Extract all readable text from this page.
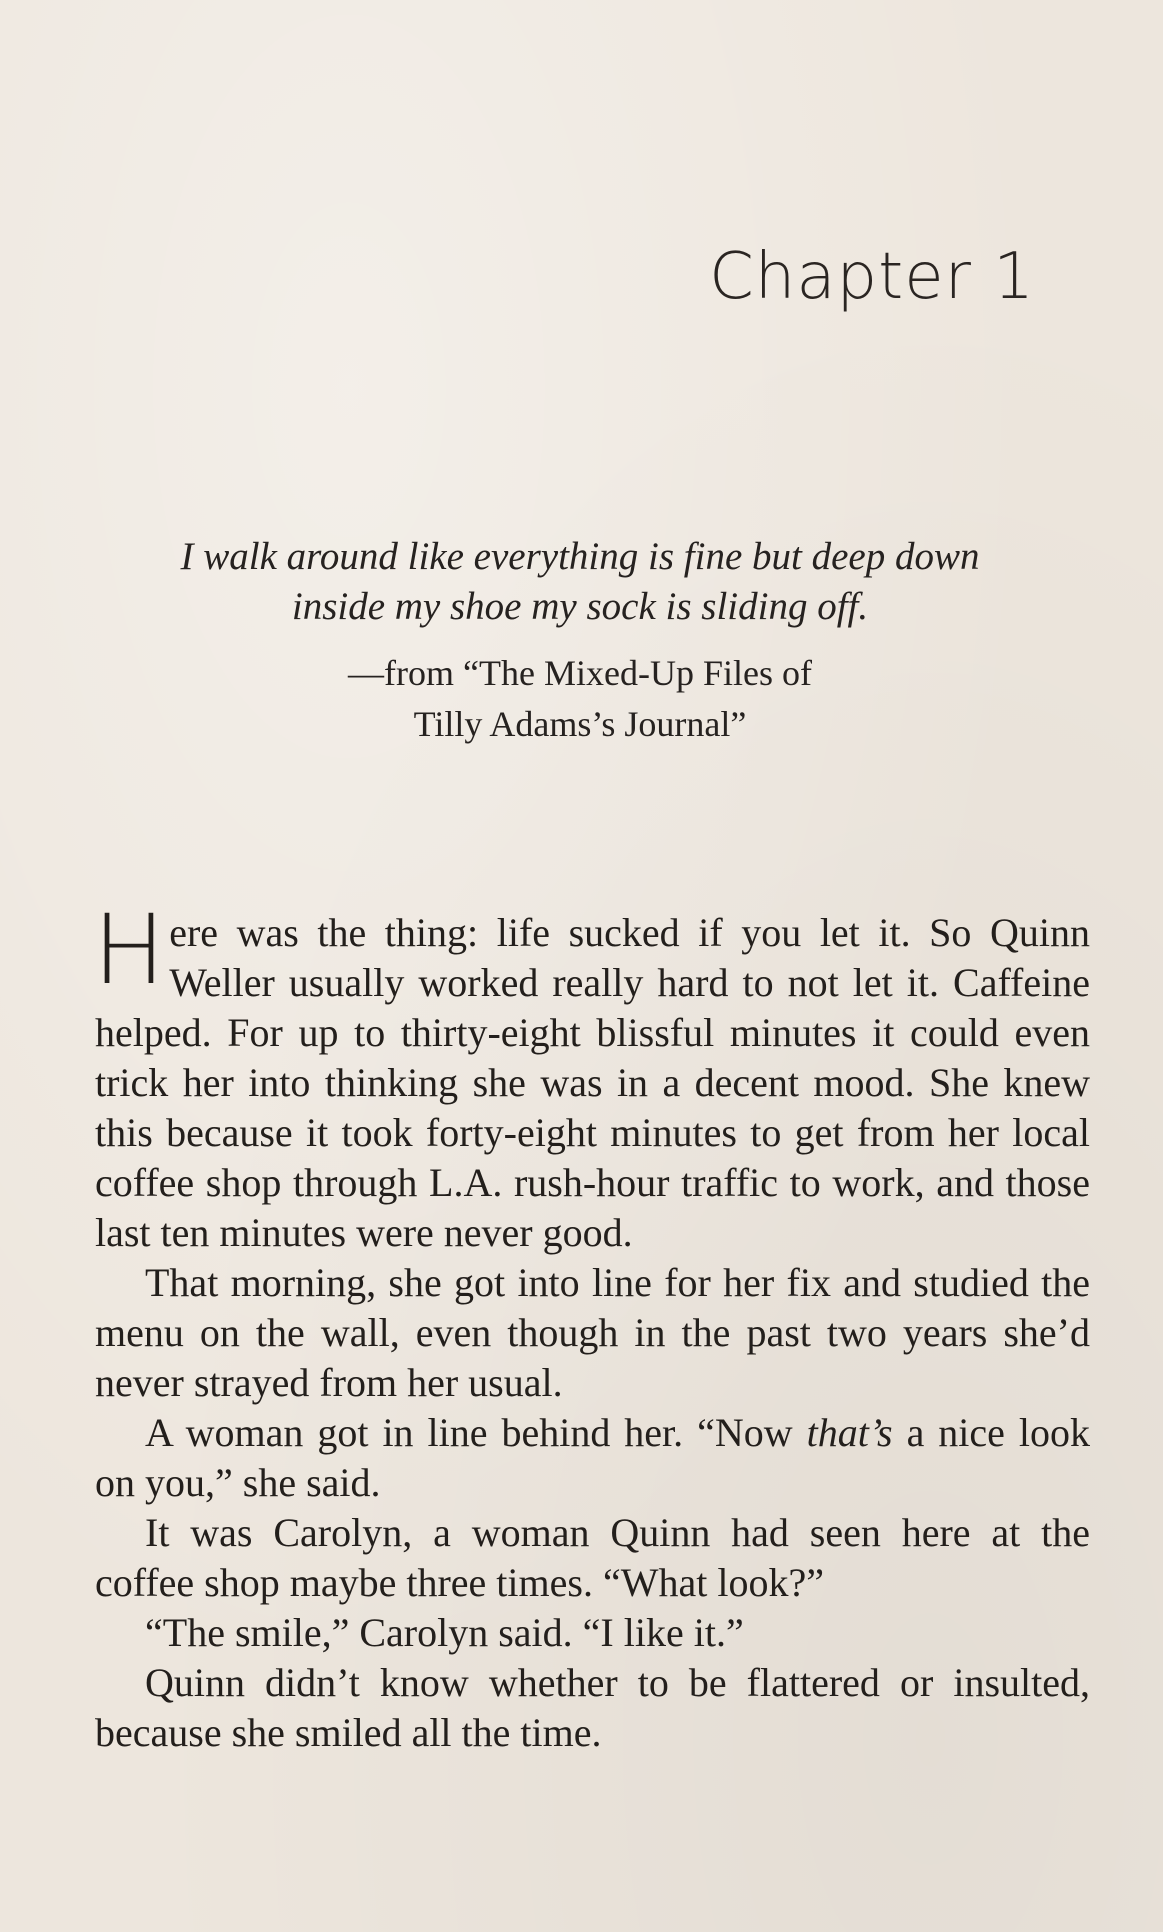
Chapter 1

I walk around like everything is fine but deep down inside my shoe my sock is sliding off.

—from “The Mixed-Up Files of
Tilly Adams’s Journal”

Here was the thing: life sucked if you let it. So Quinn Weller usually worked really hard to not let it. Caffeine helped. For up to thirty-eight blissful minutes it could even trick her into thinking she was in a decent mood. She knew this because it took forty-eight minutes to get from her local coffee shop through L.A. rush-hour traffic to work, and those last ten minutes were never good.

That morning, she got into line for her fix and studied the menu on the wall, even though in the past two years she’d never strayed from her usual.

A woman got in line behind her. “Now that’s a nice look on you,” she said.

It was Carolyn, a woman Quinn had seen here at the coffee shop maybe three times. “What look?”

“The smile,” Carolyn said. “I like it.”

Quinn didn’t know whether to be flattered or insulted, because she smiled all the time.
